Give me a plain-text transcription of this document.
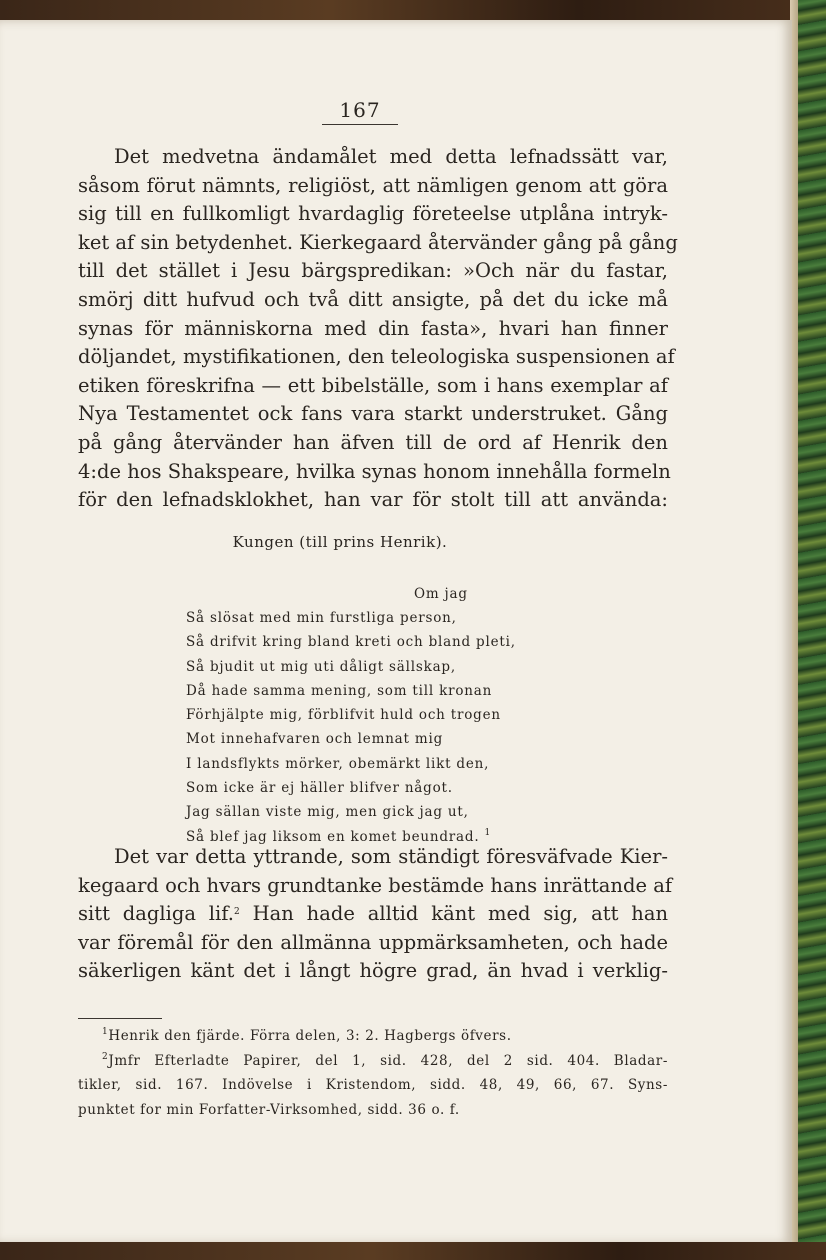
167
Det medvetna ändamålet med detta lefnadssätt var,
såsom förut nämnts, religiöst, att nämligen genom att göra
sig till en fullkomligt hvardaglig företeelse utplåna intryk-
ket af sin betydenhet. Kierkegaard återvänder gång på gång
till det stället i Jesu bärgspredikan: »Och när du fastar,
smörj ditt hufvud och två ditt ansigte, på det du icke må
synas för människorna med din fasta», hvari han finner
döljandet, mystifikationen, den teleologiska suspensionen af
etiken föreskrifna — ett bibelställe, som i hans exemplar af
Nya Testamentet ock fans vara starkt understruket. Gång
på gång återvänder han äfven till de ord af Henrik den
4:de hos Shakspeare, hvilka synas honom innehålla formeln
för den lefnadsklokhet, han var för stolt till att använda:
Kungen (till prins Henrik).
Om jag
Så slösat med min furstliga person,
Så drifvit kring bland kreti och bland pleti,
Så bjudit ut mig uti dåligt sällskap,
Då hade samma mening, som till kronan
Förhjälpte mig, förblifvit huld och trogen
Mot innehafvaren och lemnat mig
I landsflykts mörker, obemärkt likt den,
Som icke är ej häller blifver något.
Jag sällan viste mig, men gick jag ut,
Så blef jag liksom en komet beundrad. $^1$
Det var detta yttrande, som ständigt föresväfvade Kier-
kegaard och hvars grundtanke bestämde hans inrättande af
sitt dagliga lif.$^2$ Han hade alltid känt med sig, att han
var föremål för den allmänna uppmärksamheten, och hade
säkerligen känt det i långt högre grad, än hvad i verklig-
$^1$Henrik den fjärde. Förra delen, 3: 2. Hagbergs öfvers.
$^2$Jmfr Efterladte Papirer, del 1, sid. 428, del 2 sid. 404. Bladar-
tikler, sid. 167. Indövelse i Kristendom, sidd. 48, 49, 66, 67. Syns-
punktet for min Forfatter-Virksomhed, sidd. 36 o. f.
